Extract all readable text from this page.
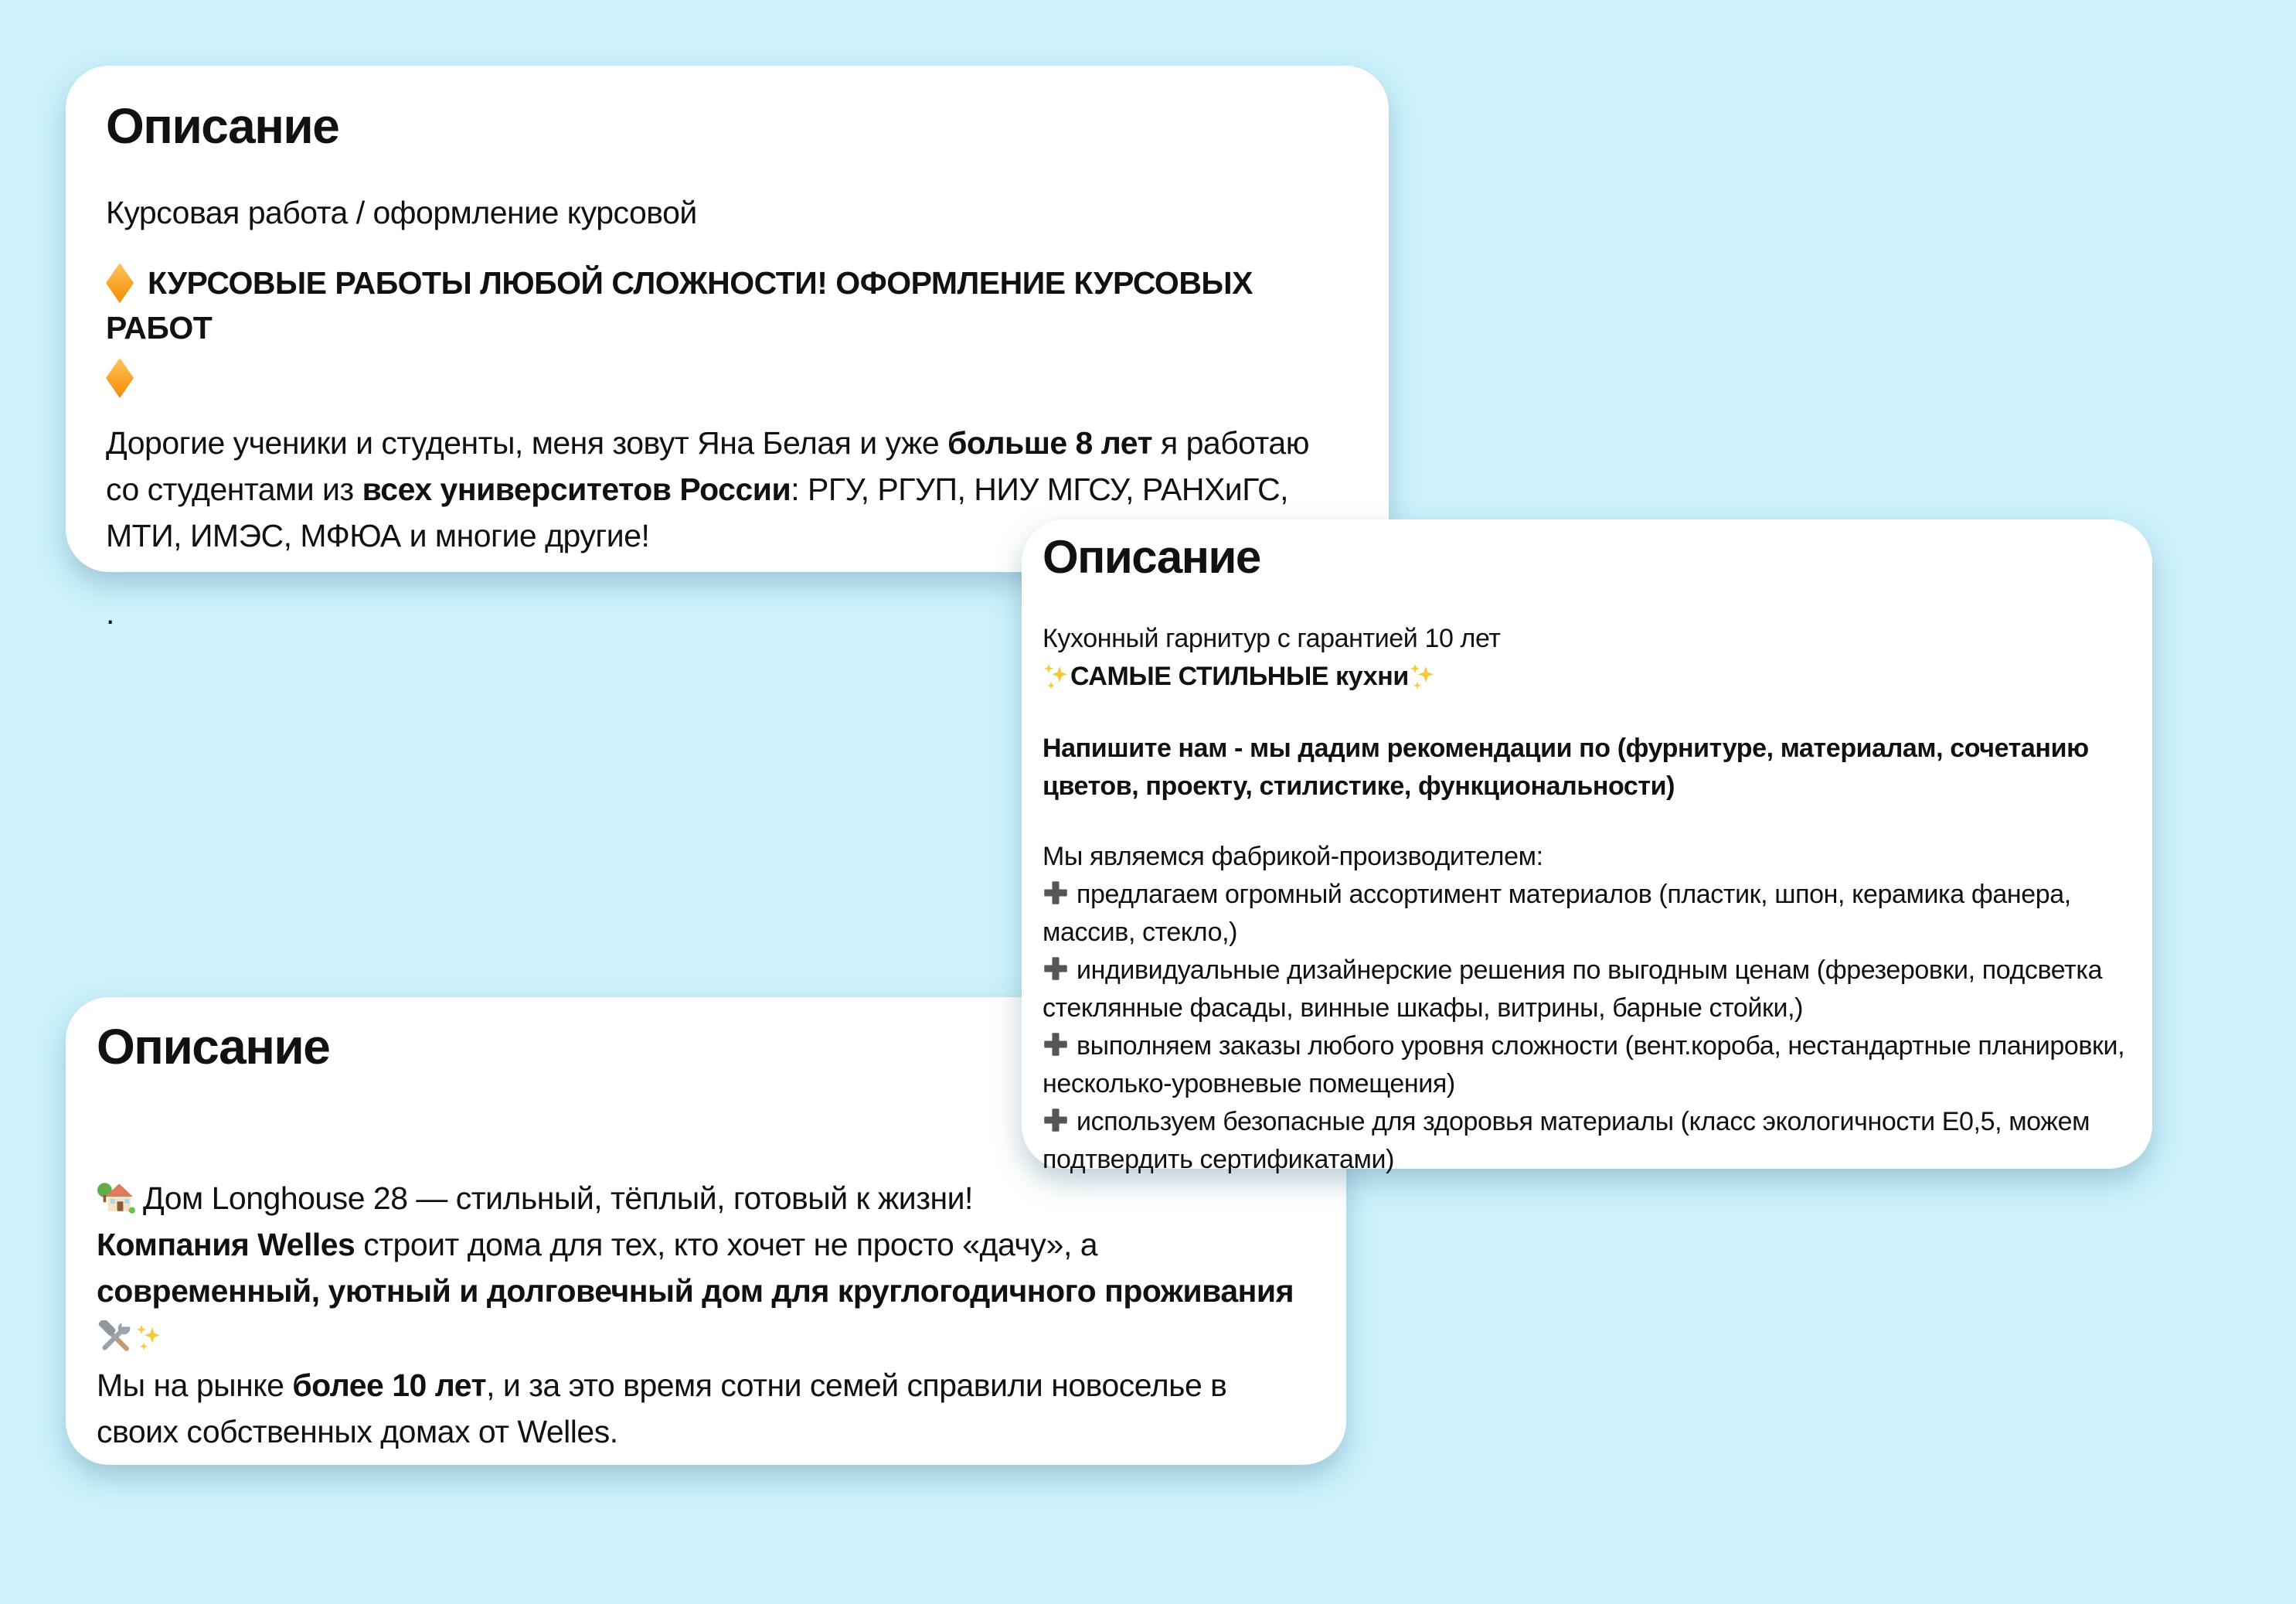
Описание
Курсовая работа / оформление курсовой
КУРСОВЫЕ РАБОТЫ ЛЮБОЙ СЛОЖНОСТИ! ОФОРМЛЕНИЕ КУРСОВЫХ РАБОТ
Дорогие ученики и студенты, меня зовут Яна Белая и уже больше 8 лет я работаю со студентами из всех университетов России: РГУ, РГУП, НИУ МГСУ, РАНХиГС, МТИ, ИМЭС, МФЮА и многие другие!
.
Описание
Дом Longhouse 28 — стильный, тёплый, готовый к жизни!
Компания Welles строит дома для тех, кто хочет не просто «дачу», а современный, уютный и долговечный дом для круглогодичного проживания
Мы на рынке более 10 лет, и за это время сотни семей справили новоселье в своих собственных домах от Welles.
Описание
Кухонный гарнитур с гарантией 10 лет
САМЫЕ СТИЛЬНЫЕ кухни
Напишите нам - мы дадим рекомендации по (фурнитуре, материалам, сочетанию цветов, проекту, стилистике, функциональности)
Мы являемся фабрикой-производителем:
предлагаем огромный ассортимент материалов (пластик, шпон, керамика фанера, массив, стекло,)
индивидуальные дизайнерские решения по выгодным ценам (фрезеровки, подсветка стеклянные фасады, винные шкафы, витрины, барные стойки,)
выполняем заказы любого уровня сложности (вент.короба, нестандартные планировки, несколько-уровневые помещения)
используем безопасные для здоровья материалы (класс экологичности Е0,5, можем подтвердить сертификатами)
